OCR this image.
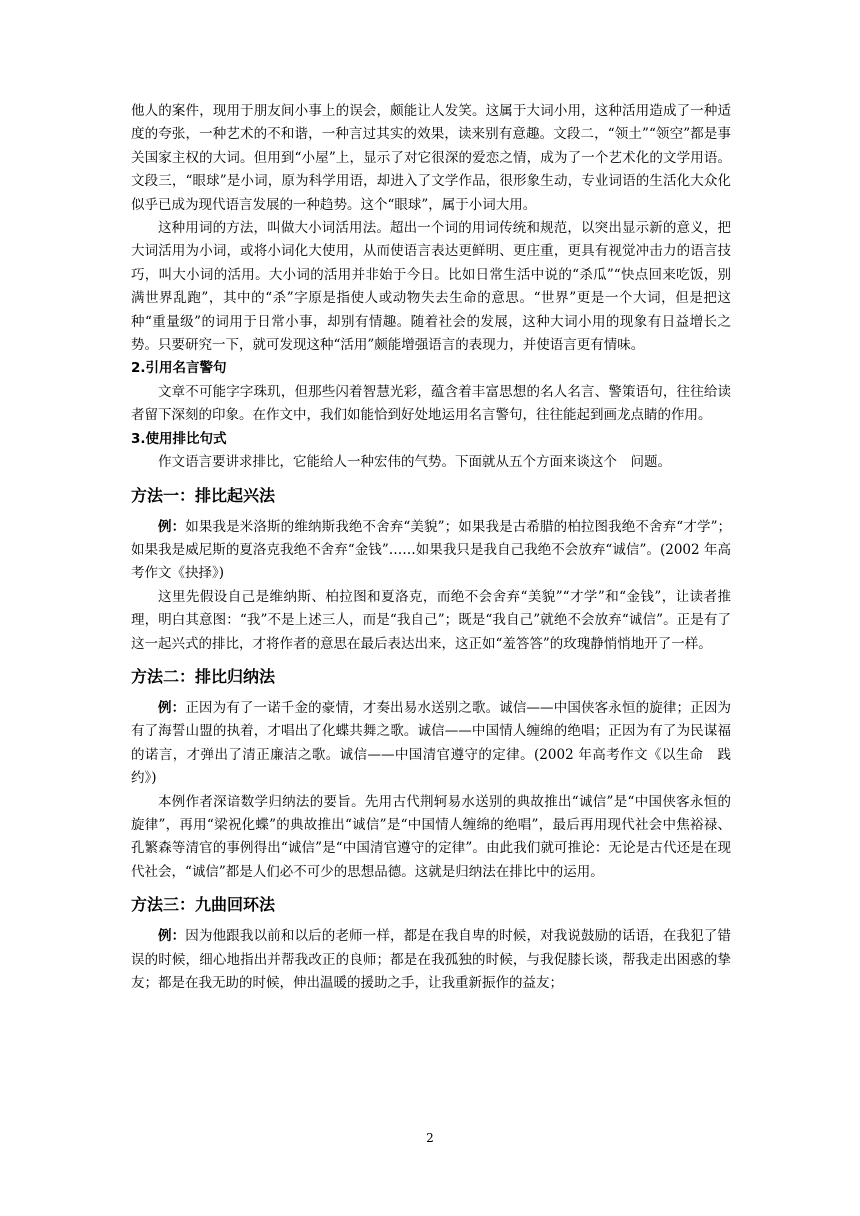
他人的案件，现用于朋友间小事上的误会，颇能让人发笑。这属于大词小用，这种活用造成了一种适度的夸张，一种艺术的不和谐，一种言过其实的效果，读来别有意趣。文段二，“领土”“领空”都是事关国家主权的大词。但用到“小屋”上，显示了对它很深的爱恋之情，成为了一个艺术化的文学用语。文段三，“眼球”是小词，原为科学用语，却进入了文学作品，很形象生动，专业词语的生活化大众化似乎已成为现代语言发展的一种趋势。这个“眼球”，属于小词大用。

这种用词的方法，叫做大小词活用法。超出一个词的用词传统和规范，以突出显示新的意义，把大词活用为小词，或将小词化大使用，从而使语言表达更鲜明、更庄重，更具有视觉冲击力的语言技巧，叫大小词的活用。大小词的活用并非始于今日。比如日常生活中说的“杀瓜”“快点回来吃饭，别满世界乱跑”，其中的“杀”字原是指使人或动物失去生命的意思。“世界”更是一个大词，但是把这种“重量级”的词用于日常小事，却别有情趣。随着社会的发展，这种大词小用的现象有日益增长之势。只要研究一下，就可发现这种“活用”颇能增强语言的表现力，并使语言更有情味。

2.引用名言警句

文章不可能字字珠玑，但那些闪着智慧光彩，蕴含着丰富思想的名人名言、警策语句，往往给读者留下深刻的印象。在作文中，我们如能恰到好处地运用名言警句，往往能起到画龙点睛的作用。

3.使用排比句式

作文语言要讲求排比，它能给人一种宏伟的气势。下面就从五个方面来谈这个　问题。

方法一：排比起兴法

例：如果我是米洛斯的维纳斯我绝不舍弃“美貌”；如果我是古希腊的柏拉图我绝不舍弃“才学”；如果我是威尼斯的夏洛克我绝不舍弃“金钱”……如果我只是我自己我绝不会放弃“诚信”。(2002 年高考作文《抉择》)

这里先假设自己是维纳斯、柏拉图和夏洛克，而绝不会舍弃“美貌”“才学”和“金钱”，让读者推理，明白其意图：“我”不是上述三人，而是“我自己”；既是“我自己”就绝不会放弃“诚信”。正是有了这一起兴式的排比，才将作者的意思在最后表达出来，这正如“羞答答”的玫瑰静悄悄地开了一样。

方法二：排比归纳法

例：正因为有了一诺千金的豪情，才奏出易水送别之歌。诚信——中国侠客永恒的旋律；正因为有了海誓山盟的执着，才唱出了化蝶共舞之歌。诚信——中国情人缠绵的绝唱；正因为有了为民谋福的诺言，才弹出了清正廉洁之歌。诚信——中国清官遵守的定律。(2002 年高考作文《以生命　践约》)

本例作者深谙数学归纳法的要旨。先用古代荆轲易水送别的典故推出“诚信”是“中国侠客永恒的旋律”，再用“梁祝化蝶”的典故推出“诚信”是“中国情人缠绵的绝唱”，最后再用现代社会中焦裕禄、孔繁森等清官的事例得出“诚信”是“中国清官遵守的定律”。由此我们就可推论：无论是古代还是在现代社会，“诚信”都是人们必不可少的思想品德。这就是归纳法在排比中的运用。

方法三：九曲回环法

例：因为他跟我以前和以后的老师一样，都是在我自卑的时候，对我说鼓励的话语，在我犯了错误的时候，细心地指出并帮我改正的良师；都是在我孤独的时候，与我促膝长谈，帮我走出困惑的挚友；都是在我无助的时候，伸出温暖的援助之手，让我重新振作的益友；

2
